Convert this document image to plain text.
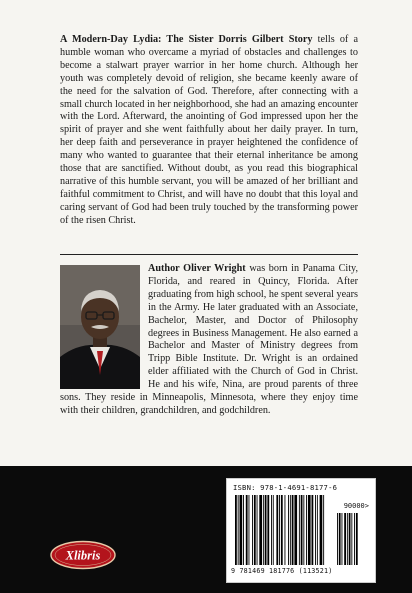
A Modern-Day Lydia: The Sister Dorris Gilbert Story tells of a humble woman who overcame a myriad of obstacles and challenges to become a stalwart prayer warrior in her home church. Although her youth was completely devoid of religion, she became keenly aware of the need for the salvation of God. Therefore, after connecting with a small church located in her neighborhood, she had an amazing encounter with the Lord. Afterward, the anointing of God impressed upon her the spirit of prayer and she went faithfully about her daily prayer. In turn, her deep faith and perseverance in prayer heightened the confidence of many who wanted to guarantee that their eternal inheritance be among those that are sanctified. Without doubt, as you read this biographical narrative of this humble servant, you will be amazed of her brilliant and faithful commitment to Christ, and will have no doubt that this loyal and caring servant of God had been truly touched by the transforming power of the risen Christ.
Author Oliver Wright was born in Panama City, Florida, and reared in Quincy, Florida. After graduating from high school, he spent several years in the Army. He later graduated with an Associate, Bachelor, Master, and Doctor of Philosophy degrees in Business Management. He also earned a Bachelor and Master of Ministry degrees from Tripp Bible Institute. Dr. Wright is an ordained elder affiliated with the Church of God in Christ. He and his wife, Nina, are proud parents of three sons. They reside in Minneapolis, Minnesota, where they enjoy time with their children, grandchildren, and godchildren.
Xlibris
ISBN: 978-1-4691-8177-6
90000>
9 781469 181776 (113521)
